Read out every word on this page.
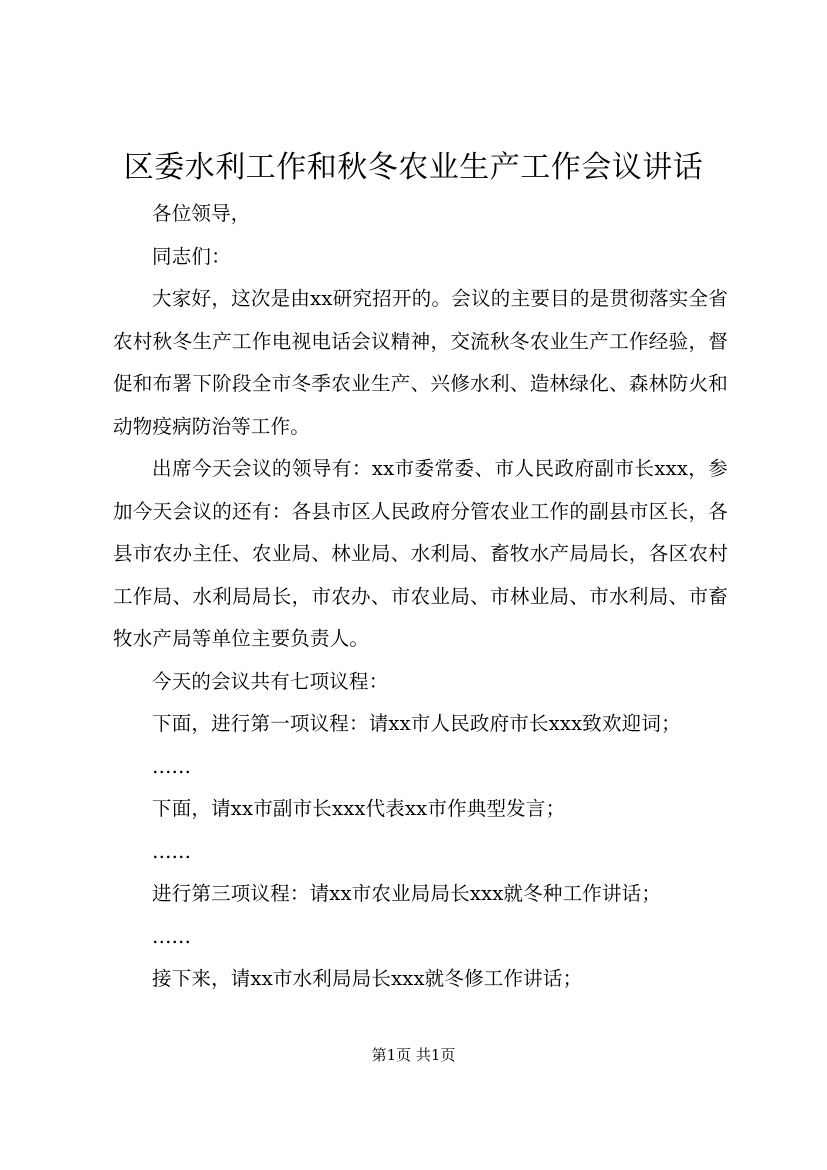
区委水利工作和秋冬农业生产工作会议讲话

各位领导，

同志们：

大家好，这次是由xx研究招开的。会议的主要目的是贯彻落实全省农村秋冬生产工作电视电话会议精神，交流秋冬农业生产工作经验，督促和布署下阶段全市冬季农业生产、兴修水利、造林绿化、森林防火和动物疫病防治等工作。

出席今天会议的领导有：xx市委常委、市人民政府副市长xxx，参加今天会议的还有：各县市区人民政府分管农业工作的副县市区长，各县市农办主任、农业局、林业局、水利局、畜牧水产局局长，各区农村工作局、水利局局长，市农办、市农业局、市林业局、市水利局、市畜牧水产局等单位主要负责人。

今天的会议共有七项议程：

下面，进行第一项议程：请xx市人民政府市长xxx致欢迎词；

……

下面，请xx市副市长xxx代表xx市作典型发言；

……

进行第三项议程：请xx市农业局局长xxx就冬种工作讲话；

……

接下来，请xx市水利局局长xxx就冬修工作讲话；

第1页 共1页
